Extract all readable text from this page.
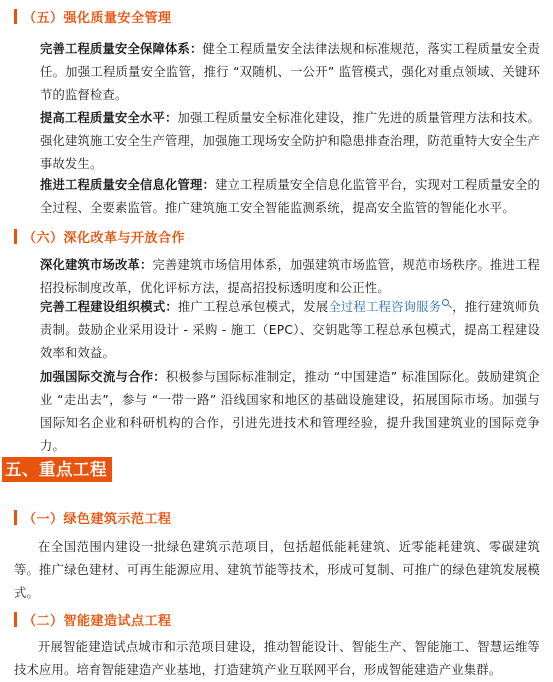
（五）强化质量安全管理
完善工程质量安全保障体系：健全工程质量安全法律法规和标准规范，落实工程质量安全责任。加强工程质量安全监管，推行 “双随机、一公开” 监管模式，强化对重点领域、关键环节的监督检查。
提高工程质量安全水平：加强工程质量安全标准化建设，推广先进的质量管理方法和技术。强化建筑施工安全生产管理，加强施工现场安全防护和隐患排查治理，防范重特大安全生产事故发生。
推进工程质量安全信息化管理：建立工程质量安全信息化监管平台，实现对工程质量安全的全过程、全要素监管。推广建筑施工安全智能监测系统，提高安全监管的智能化水平。
（六）深化改革与开放合作
深化建筑市场改革：完善建筑市场信用体系，加强建筑市场监管，规范市场秩序。推进工程招投标制度改革，优化评标方法，提高招投标透明度和公正性。
完善工程建设组织模式：推广工程总承包模式，发展全过程工程咨询服务 ，推行建筑师负责制。鼓励企业采用设计 - 采购 - 施工（EPC）、交钥匙等工程总承包模式，提高工程建设效率和效益。
加强国际交流与合作：积极参与国际标准制定，推动 “中国建造” 标准国际化。鼓励建筑企业 “走出去”，参与 “一带一路” 沿线国家和地区的基础设施建设，拓展国际市场。加强与国际知名企业和科研机构的合作，引进先进技术和管理经验，提升我国建筑业的国际竞争力。
五、重点工程
（一）绿色建筑示范工程
在全国范围内建设一批绿色建筑示范项目，包括超低能耗建筑、近零能耗建筑、零碳建筑等。推广绿色建材、可再生能源应用、建筑节能等技术，形成可复制、可推广的绿色建筑发展模式。
（二）智能建造试点工程
开展智能建造试点城市和示范项目建设，推动智能设计、智能生产、智能施工、智慧运维等技术应用。培育智能建造产业基地，打造建筑产业互联网平台，形成智能建造产业集群。
